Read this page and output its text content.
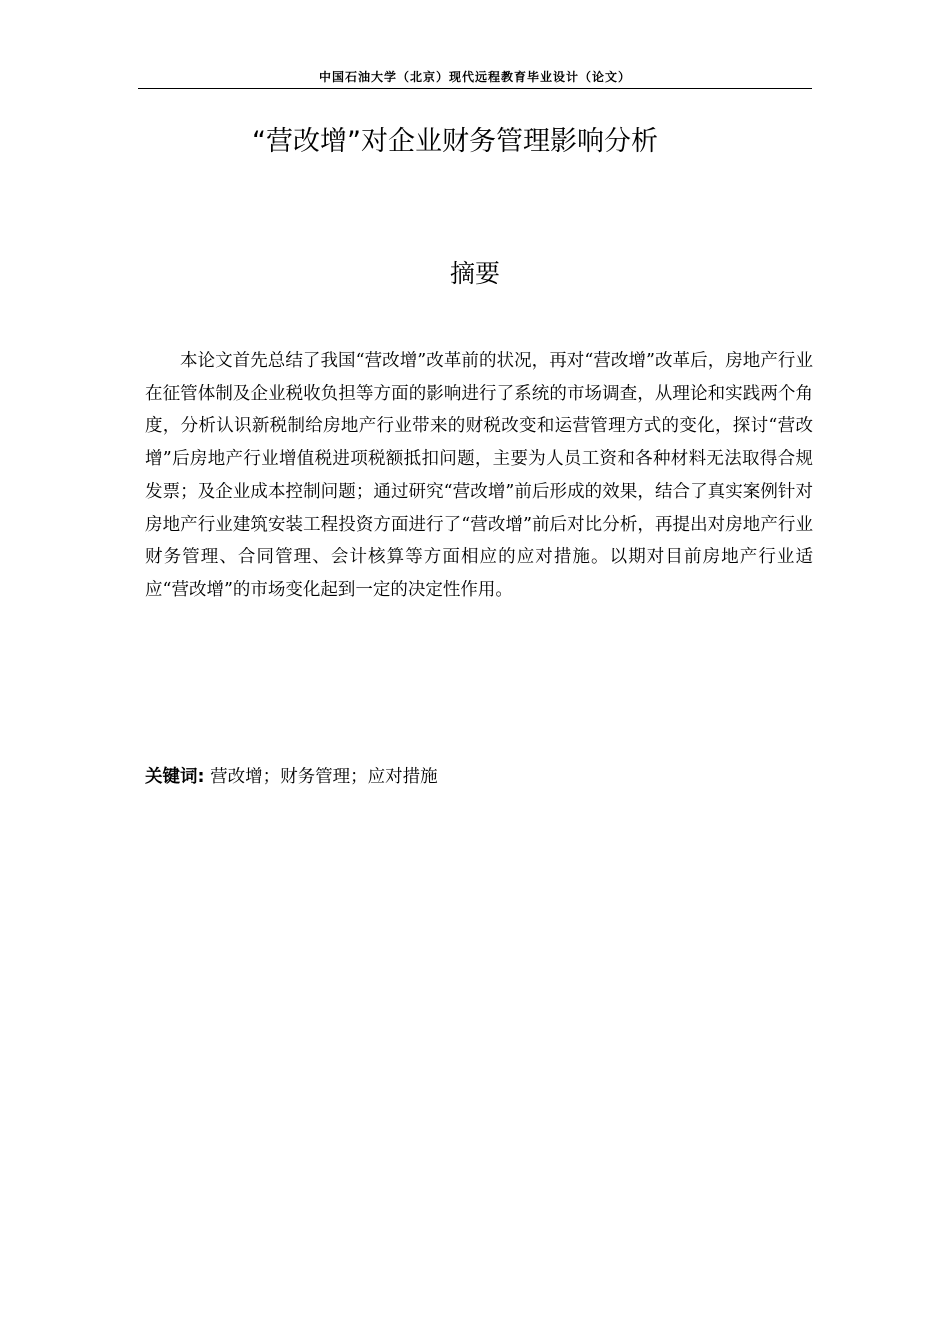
中国石油大学（北京）现代远程教育毕业设计（论文）
“营改增”对企业财务管理影响分析
摘要

本论文首先总结了我国“营改增”改革前的状况，再对“营改增”改革后，房地产行业在征管体制及企业税收负担等方面的影响进行了系统的市场调查，从理论和实践两个角度，分析认识新税制给房地产行业带来的财税改变和运营管理方式的变化，探讨“营改增”后房地产行业增值税进项税额抵扣问题，主要为人员工资和各种材料无法取得合规发票；及企业成本控制问题；通过研究“营改增”前后形成的效果，结合了真实案例针对房地产行业建筑安装工程投资方面进行了“营改增”前后对比分析，再提出对房地产行业财务管理、合同管理、会计核算等方面相应的应对措施。以期对目前房地产行业适应“营改增”的市场变化起到一定的决定性作用。

关键词: 营改增；财务管理；应对措施
